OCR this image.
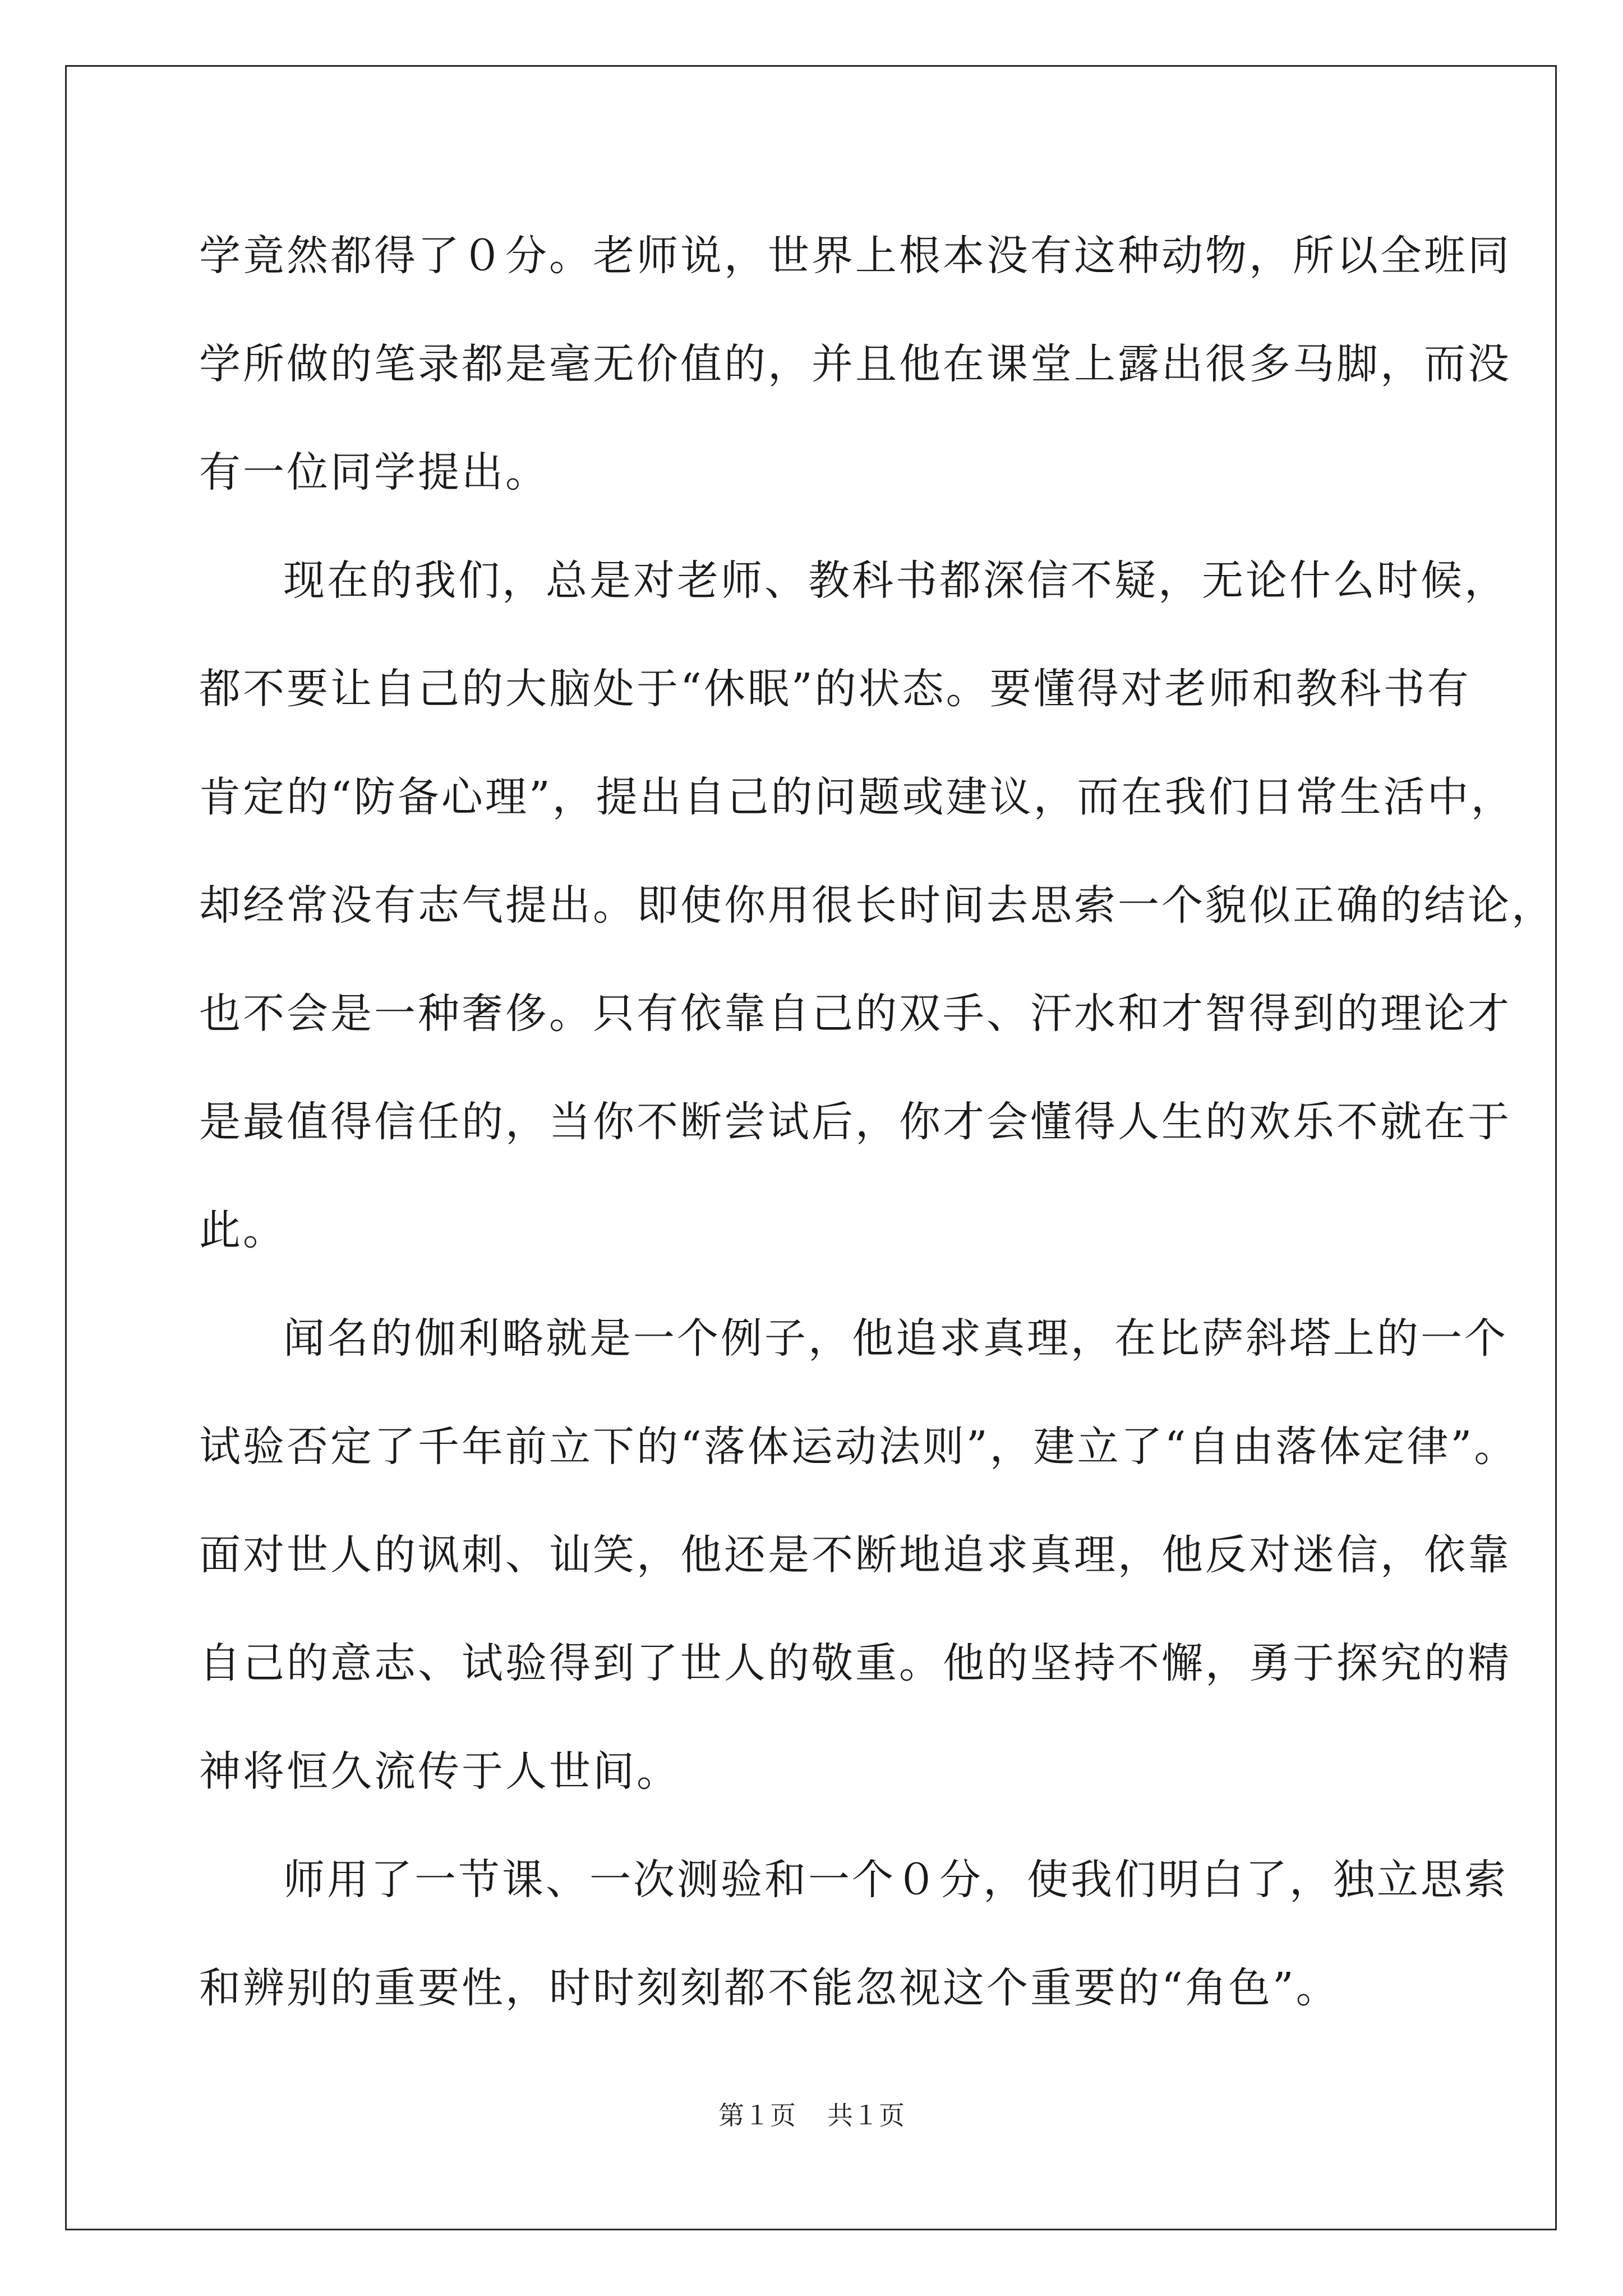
学竟然都得了０分。老师说，世界上根本没有这种动物，所以全班同
学所做的笔录都是毫无价值的，并且他在课堂上露出很多马脚，而没
有一位同学提出。
现在的我们，总是对老师、教科书都深信不疑，无论什么时候，
都不要让自己的大脑处于“休眠”的状态。要懂得对老师和教科书有
肯定的“防备心理”，提出自己的问题或建议，而在我们日常生活中，
却经常没有志气提出。即使你用很长时间去思索一个貌似正确的结论，
也不会是一种奢侈。只有依靠自己的双手、汗水和才智得到的理论才
是最值得信任的，当你不断尝试后，你才会懂得人生的欢乐不就在于
此。
闻名的伽利略就是一个例子，他追求真理，在比萨斜塔上的一个
试验否定了千年前立下的“落体运动法则”，建立了“自由落体定律”。
面对世人的讽刺、讪笑，他还是不断地追求真理，他反对迷信，依靠
自己的意志、试验得到了世人的敬重。他的坚持不懈，勇于探究的精
神将恒久流传于人世间。
师用了一节课、一次测验和一个０分，使我们明白了，独立思索
和辨别的重要性，时时刻刻都不能忽视这个重要的“角色”。
第１页 共１页
